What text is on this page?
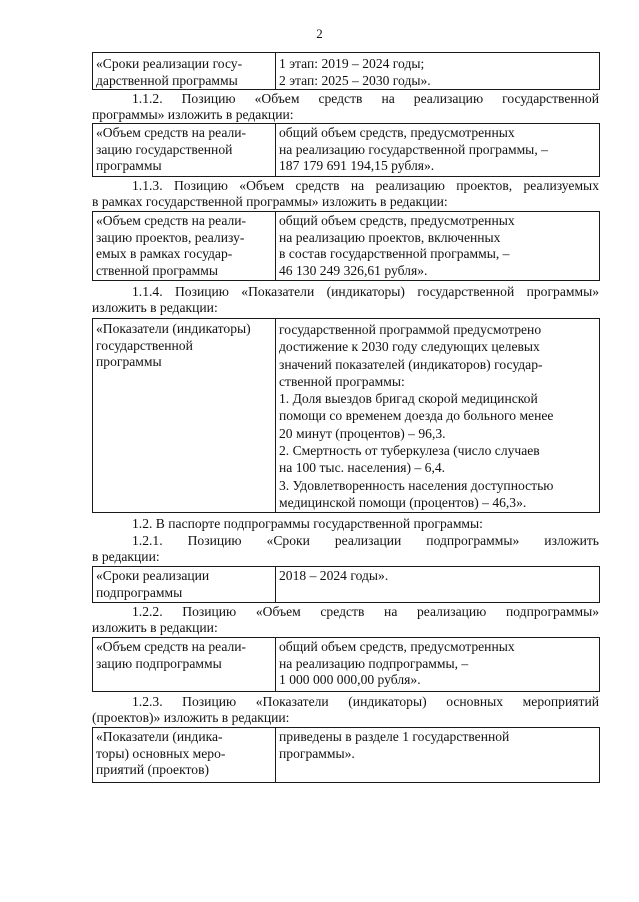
2
«Сроки реализации госу-
дарственной программы
1 этап: 2019 – 2024 годы;
2 этап: 2025 – 2030 годы».
1.1.2. Позицию «Объем средств на реализацию государственной
программы» изложить в редакции:
«Объем средств на реали-
зацию государственной
программы
общий объем средств, предусмотренных
на реализацию государственной программы, –
187 179 691 194,15 рубля».
1.1.3. Позицию «Объем средств на реализацию проектов, реализуемых
в рамках государственной программы» изложить в редакции:
«Объем средств на реали-
зацию проектов, реализу-
емых в рамках государ-
ственной программы
общий объем средств, предусмотренных
на реализацию проектов, включенных
в состав государственной программы, –
46 130 249 326,61 рубля».
1.1.4. Позицию «Показатели (индикаторы) государственной программы»
изложить в редакции:
«Показатели (индикаторы)
государственной
программы
государственной программой предусмотрено
достижение к 2030 году следующих целевых
значений показателей (индикаторов) государ-
ственной программы:
1. Доля выездов бригад скорой медицинской
помощи со временем доезда до больного менее
20 минут (процентов) – 96,3.
2. Смертность от туберкулеза (число случаев
на 100 тыс. населения) – 6,4.
3. Удовлетворенность населения доступностью
медицинской помощи (процентов) – 46,3».
1.2. В паспорте подпрограммы государственной программы:
1.2.1. Позицию «Сроки реализации подпрограммы» изложить
в редакции:
«Сроки реализации
подпрограммы
2018 – 2024 годы».
1.2.2. Позицию «Объем средств на реализацию подпрограммы»
изложить в редакции:
«Объем средств на реали-
зацию подпрограммы
общий объем средств, предусмотренных
на реализацию подпрограммы, –
1 000 000 000,00 рубля».
1.2.3. Позицию «Показатели (индикаторы) основных мероприятий
(проектов)» изложить в редакции:
«Показатели (индика-
торы) основных меро-
приятий (проектов)
приведены в разделе 1 государственной
программы».
